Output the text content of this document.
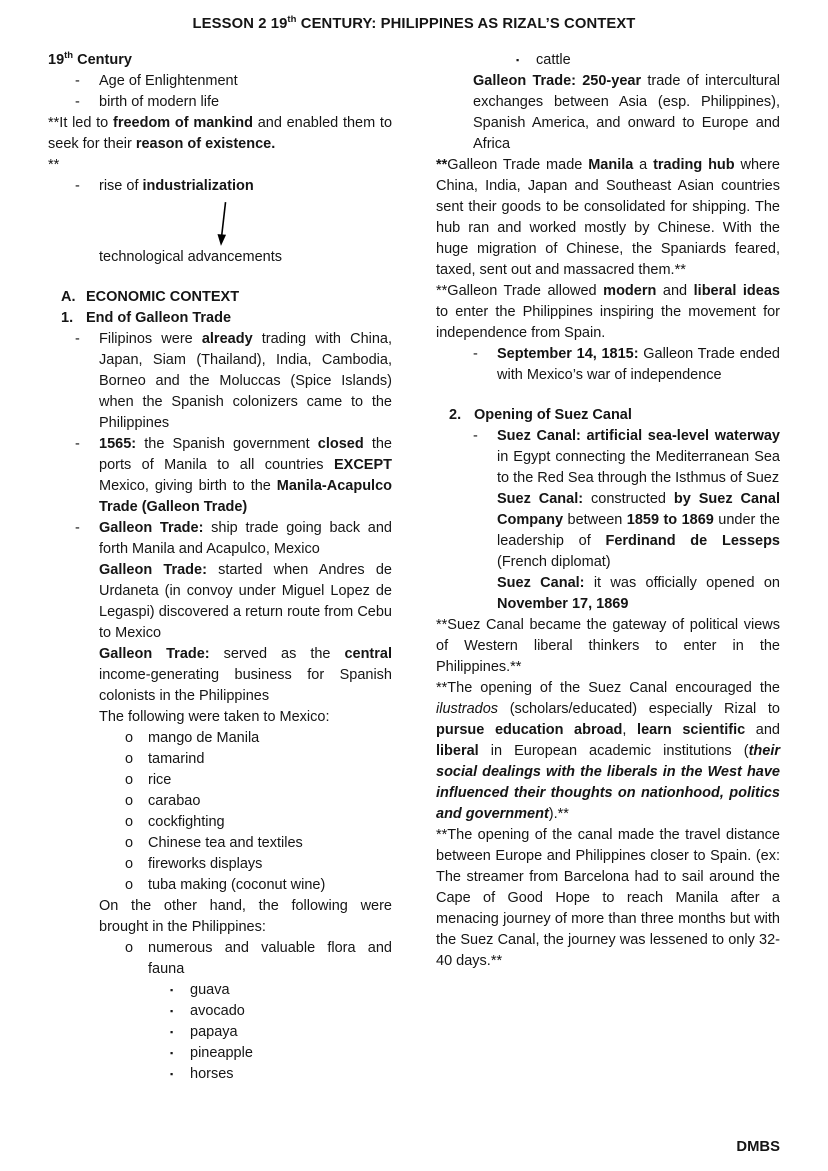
LESSON 2 19th CENTURY: PHILIPPINES AS RIZAL’S CONTEXT
19th Century
-	Age of Enlightenment
-	birth of modern life
**It led to freedom of mankind and enabled them to seek for their reason of existence.
**
-	rise of industrialization
technological advancements
A. ECONOMIC CONTEXT
1. End of Galleon Trade
-	Filipinos were already trading with China, Japan, Siam (Thailand), India, Cambodia, Borneo and the Moluccas (Spice Islands) when the Spanish colonizers came to the Philippines
-	1565: the Spanish government closed the ports of Manila to all countries EXCEPT Mexico, giving birth to the Manila-Acapulco Trade (Galleon Trade)
-	Galleon Trade: ship trade going back and forth Manila and Acapulco, Mexico
Galleon Trade: started when Andres de Urdaneta (in convoy under Miguel Lopez de Legaspi) discovered a return route from Cebu to Mexico
Galleon Trade: served as the central income-generating business for Spanish colonists in the Philippines
The following were taken to Mexico:
o	mango de Manila
o	tamarind
o	rice
o	carabao
o	cockfighting
o	Chinese tea and textiles
o	fireworks displays
o	tuba making (coconut wine)
On the other hand, the following were brought in the Philippines:
o	numerous and valuable flora and fauna
▪	guava
▪	avocado
▪	papaya
▪	pineapple
▪	horses
▪	cattle
Galleon Trade: 250-year trade of intercultural exchanges between Asia (esp. Philippines), Spanish America, and onward to Europe and Africa
**Galleon Trade made Manila a trading hub where China, India, Japan and Southeast Asian countries sent their goods to be consolidated for shipping. The hub ran and worked mostly by Chinese. With the huge migration of Chinese, the Spaniards feared, taxed, sent out and massacred them.**
**Galleon Trade allowed modern and liberal ideas to enter the Philippines inspiring the movement for independence from Spain.
-	September 14, 1815: Galleon Trade ended with Mexico’s war of independence
2. Opening of Suez Canal
-	Suez Canal: artificial sea-level waterway in Egypt connecting the Mediterranean Sea to the Red Sea through the Isthmus of Suez
Suez Canal: constructed by Suez Canal Company between 1859 to 1869 under the leadership of Ferdinand de Lesseps (French diplomat)
Suez Canal: it was officially opened on November 17, 1869
**Suez Canal became the gateway of political views of Western liberal thinkers to enter in the Philippines.**
**The opening of the Suez Canal encouraged the ilustrados (scholars/educated) especially Rizal to pursue education abroad, learn scientific and liberal in European academic institutions (their social dealings with the liberals in the West have influenced their thoughts on nationhood, politics and government).**
**The opening of the canal made the travel distance between Europe and Philippines closer to Spain. (ex: The streamer from Barcelona had to sail around the Cape of Good Hope to reach Manila after a menacing journey of more than three months but with the Suez Canal, the journey was lessened to only 32-40 days.**
DMBS
